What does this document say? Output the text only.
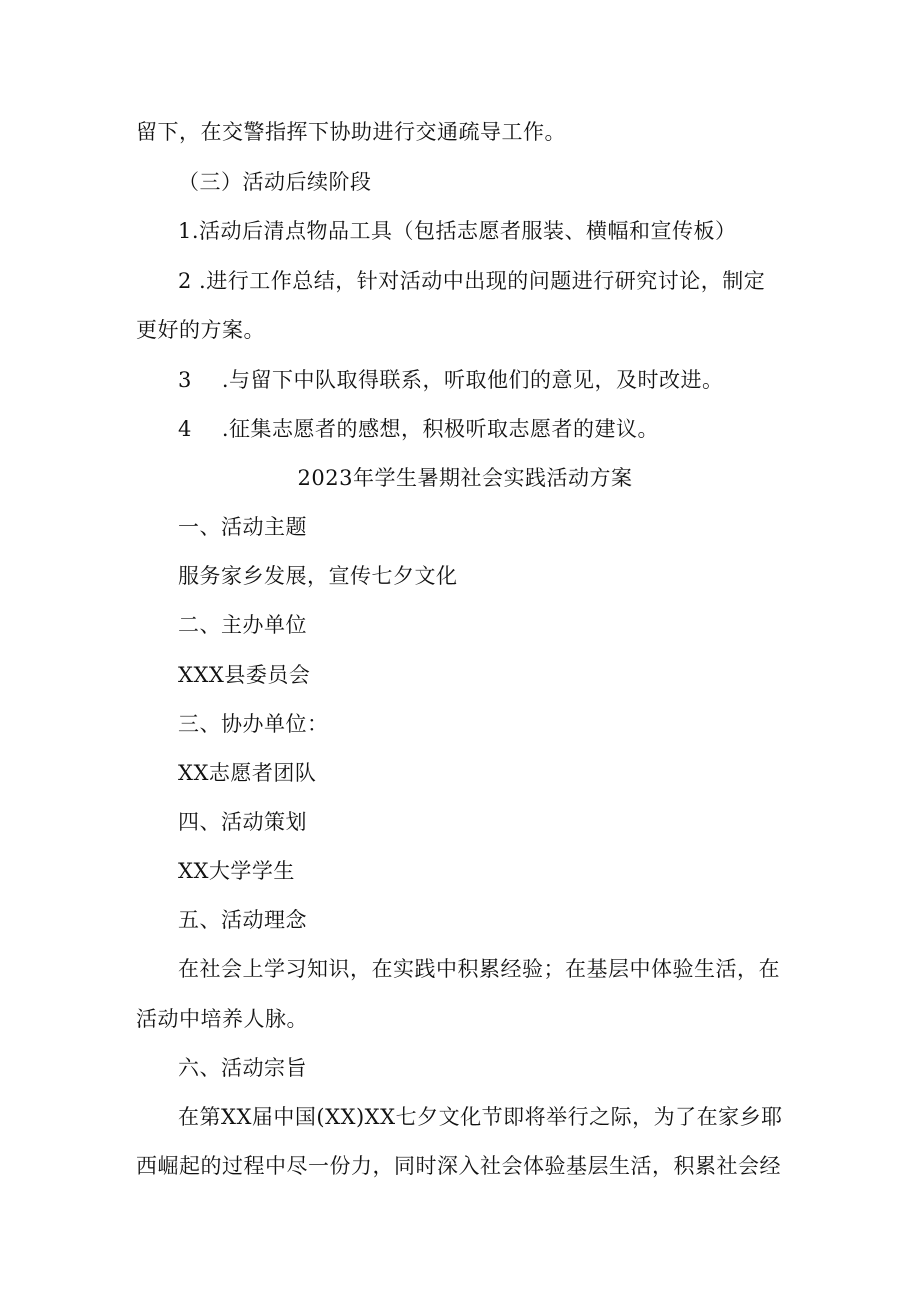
留下，在交警指挥下协助进行交通疏导工作。
（三）活动后续阶段
1.活动后清点物品工具（包括志愿者服装、横幅和宣传板）
2 .进行工作总结，针对活动中出现的问题进行研究讨论，制定
更好的方案。
3 .与留下中队取得联系，听取他们的意见，及时改进。
4 .征集志愿者的感想，积极听取志愿者的建议。
2023年学生暑期社会实践活动方案
一、活动主题
服务家乡发展，宣传七夕文化
二、主办单位
XXX县委员会
三、协办单位：
XX志愿者团队
四、活动策划
XX大学学生
五、活动理念
在社会上学习知识，在实践中积累经验；在基层中体验生活，在
活动中培养人脉。
六、活动宗旨
在第XX届中国(XX)XX七夕文化节即将举行之际，为了在家乡耶
西崛起的过程中尽一份力，同时深入社会体验基层生活，积累社会经
